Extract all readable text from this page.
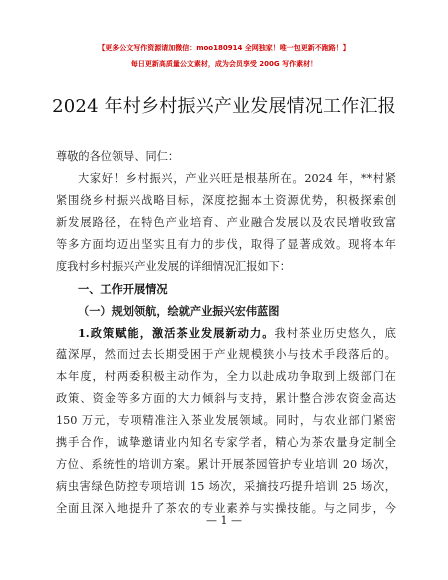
【更多公文写作资源请加微信：moo180914 全网独家！唯一包更新不跑路！】
每日更新高质量公文素材，成为会员享受 200G 写作素材！
2024 年村乡村振兴产业发展情况工作汇报
尊敬的各位领导、同仁：
大家好！乡村振兴，产业兴旺是根基所在。2024 年，**村紧
紧围绕乡村振兴战略目标，深度挖掘本土资源优势，积极探索创
新发展路径，在特色产业培育、产业融合发展以及农民增收致富
等多方面均迈出坚实且有力的步伐，取得了显著成效。现将本年
度我村乡村振兴产业发展的详细情况汇报如下：
一、工作开展情况
（一）规划领航，绘就产业振兴宏伟蓝图
1.政策赋能，激活茶业发展新动力。我村茶业历史悠久，底
蕴深厚，然而过去长期受困于产业规模狭小与技术手段落后的。
本年度，村两委积极主动作为，全力以赴成功争取到上级部门在
政策、资金等多方面的大力倾斜与支持，累计整合涉农资金高达
150 万元，专项精准注入茶业发展领域。同时，与农业部门紧密
携手合作，诚挚邀请业内知名专家学者，精心为茶农量身定制全
方位、系统性的培训方案。累计开展茶园管护专业培训 20 场次，
病虫害绿色防控专项培训 15 场次，采摘技巧提升培训 25 场次，
全面且深入地提升了茶农的专业素养与实操技能。与之同步，今
— 1 —
